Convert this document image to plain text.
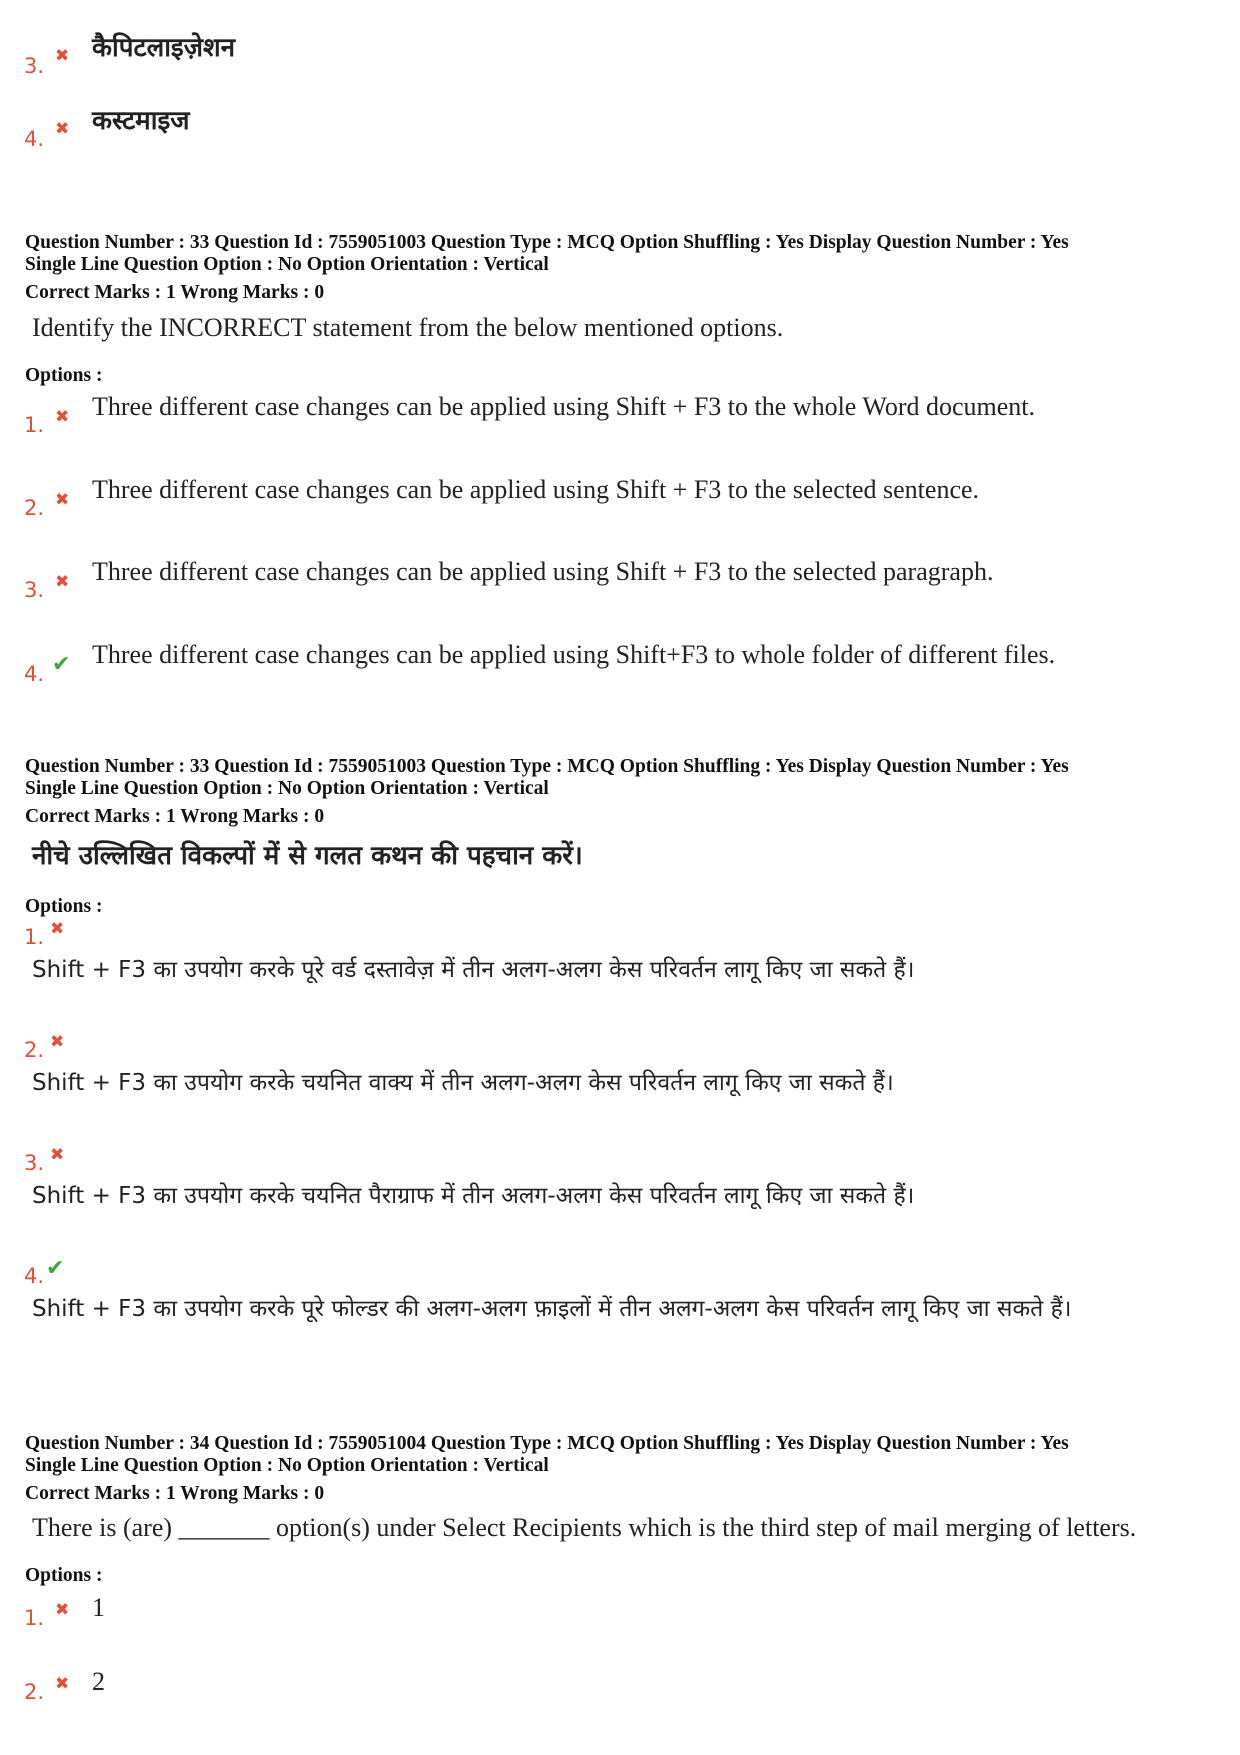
3. ✖ कैपिटलाइज़ेशन
4. ✖ कस्टमाइज
Question Number : 33 Question Id : 7559051003 Question Type : MCQ Option Shuffling : Yes Display Question Number : Yes
Single Line Question Option : No Option Orientation : Vertical
Correct Marks : 1 Wrong Marks : 0
Identify the INCORRECT statement from the below mentioned options.
Options :
1. ✖ Three different case changes can be applied using Shift + F3 to the whole Word document.
2. ✖ Three different case changes can be applied using Shift + F3 to the selected sentence.
3. ✖ Three different case changes can be applied using Shift + F3 to the selected paragraph.
4. ✔ Three different case changes can be applied using Shift+F3 to whole folder of different files.
Question Number : 33 Question Id : 7559051003 Question Type : MCQ Option Shuffling : Yes Display Question Number : Yes
Single Line Question Option : No Option Orientation : Vertical
Correct Marks : 1 Wrong Marks : 0
नीचे उल्लिखित विकल्पों में से गलत कथन की पहचान करें।
Options :
1. ✖
Shift + F3 का उपयोग करके पूरे वर्ड दस्तावेज़ में तीन अलग-अलग केस परिवर्तन लागू किए जा सकते हैं।
2. ✖
Shift + F3 का उपयोग करके चयनित वाक्य में तीन अलग-अलग केस परिवर्तन लागू किए जा सकते हैं।
3. ✖
Shift + F3 का उपयोग करके चयनित पैराग्राफ में तीन अलग-अलग केस परिवर्तन लागू किए जा सकते हैं।
4. ✔
Shift + F3 का उपयोग करके पूरे फोल्डर की अलग-अलग फ़ाइलों में तीन अलग-अलग केस परिवर्तन लागू किए जा सकते हैं।
Question Number : 34 Question Id : 7559051004 Question Type : MCQ Option Shuffling : Yes Display Question Number : Yes
Single Line Question Option : No Option Orientation : Vertical
Correct Marks : 1 Wrong Marks : 0
There is (are) _______ option(s) under Select Recipients which is the third step of mail merging of letters.
Options :
1. ✖ 1
2. ✖ 2
